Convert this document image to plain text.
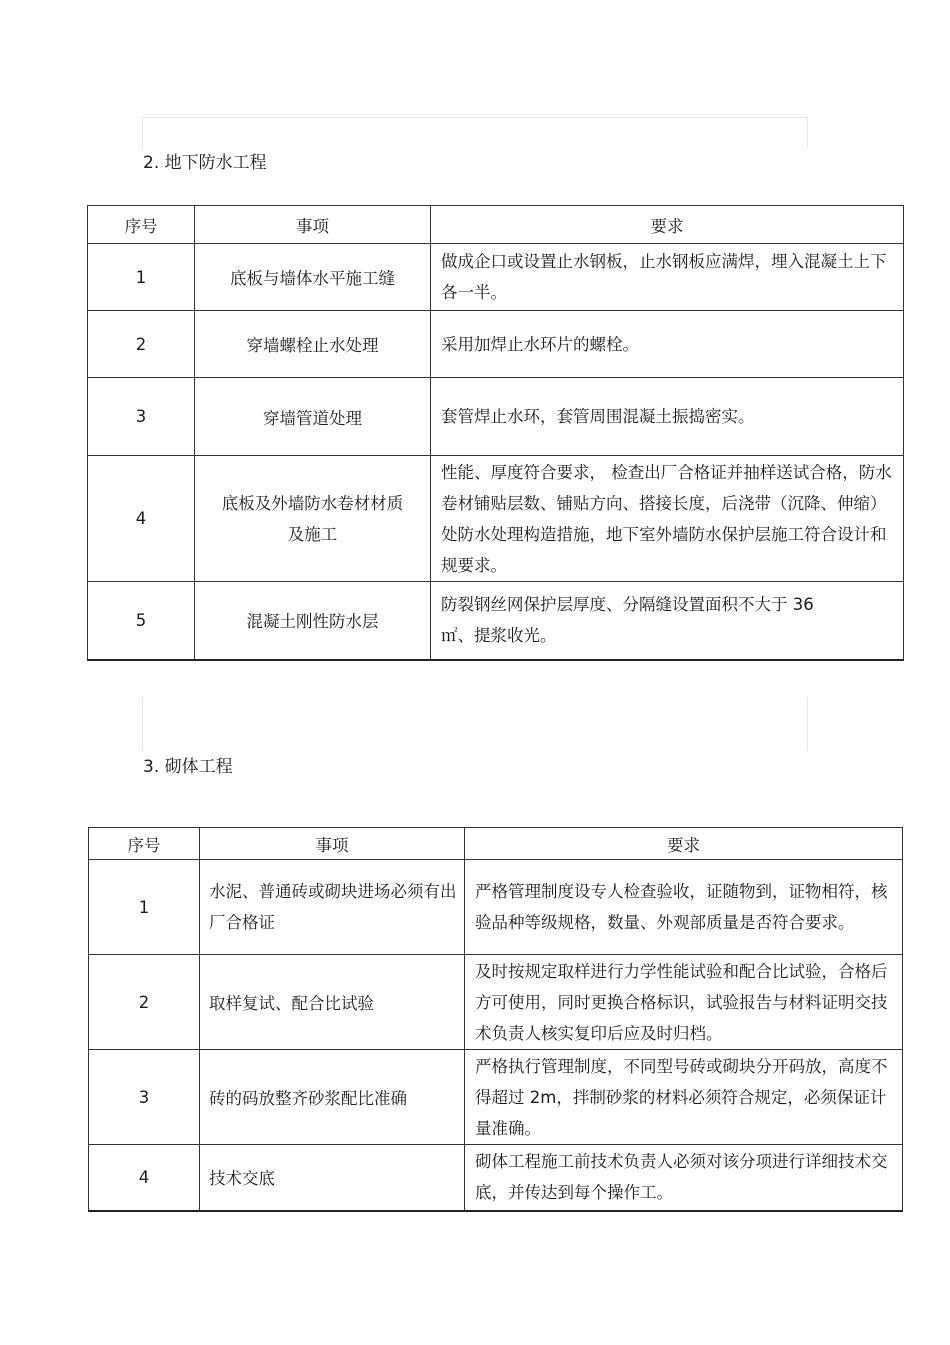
2. 地下防水工程
序号	事项	要求
1	底板与墙体水平施工缝	做成企口或设置止水钢板，止水钢板应满焊，埋入混凝土上下各一半。
2	穿墙螺栓止水处理	采用加焊止水环片的螺栓。
3	穿墙管道处理	套管焊止水环，套管周围混凝土振捣密实。
4	底板及外墙防水卷材材质及施工	性能、厚度符合要求， 检查出厂合格证并抽样送试合格，防水卷材铺贴层数、铺贴方向、搭接长度，后浇带（沉降、伸缩）处防水处理构造措施，地下室外墙防水保护层施工符合设计和规要求。
5	混凝土刚性防水层	防裂钢丝网保护层厚度、分隔缝设置面积不大于 36㎡、提浆收光。
3. 砌体工程
序号	事项	要求
1	水泥、普通砖或砌块进场必须有出厂合格证	严格管理制度设专人检查验收，证随物到，证物相符，核验品种等级规格，数量、外观部质量是否符合要求。
2	取样复试、配合比试验	及时按规定取样进行力学性能试验和配合比试验，合格后方可使用，同时更换合格标识，试验报告与材料证明交技术负责人核实复印后应及时归档。
3	砖的码放整齐砂浆配比准确	严格执行管理制度，不同型号砖或砌块分开码放，高度不得超过 2m，拌制砂浆的材料必须符合规定，必须保证计量准确。
4	技术交底	砌体工程施工前技术负责人必须对该分项进行详细技术交底，并传达到每个操作工。
